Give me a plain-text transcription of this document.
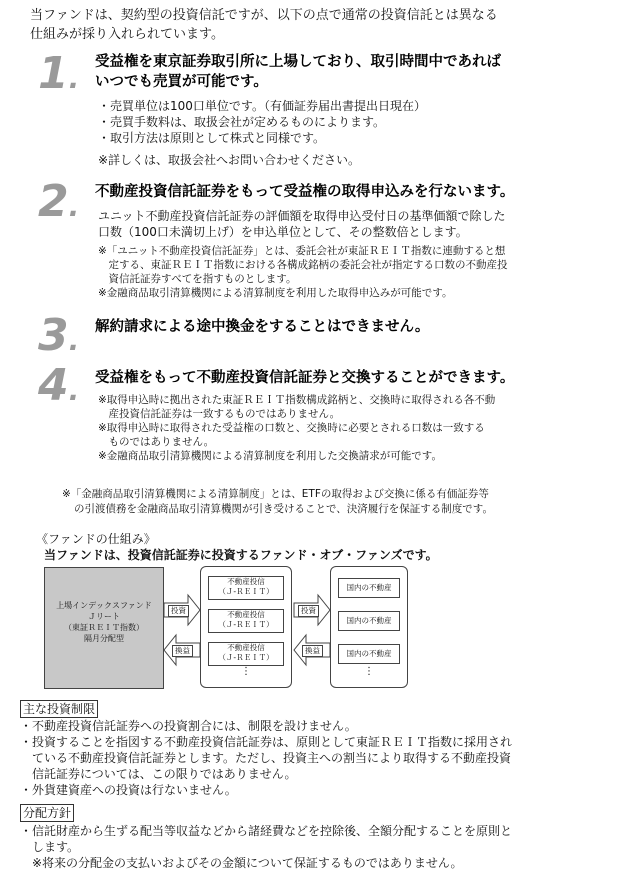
当ファンドは、契約型の投資信託ですが、以下の点で通常の投資信託とは異なる
仕組みが採り入れられています。
1. 受益権を東京証券取引所に上場しており、取引時間中であれば
いつでも売買が可能です。
・売買単位は100口単位です。（有価証券届出書提出日現在）
・売買手数料は、取扱会社が定めるものによります。
・取引方法は原則として株式と同様です。
※詳しくは、取扱会社へお問い合わせください。
2. 不動産投資信託証券をもって受益権の取得申込みを行ないます。
ユニット不動産投資信託証券の評価額を取得申込受付日の基準価額で除した
口数（100口未満切上げ）を申込単位として、その整数倍とします。
※「ユニット不動産投資信託証券」とは、委託会社が東証ＲＥＩＴ指数に連動すると想
　定する、東証ＲＥＩＴ指数における各構成銘柄の委託会社が指定する口数の不動産投
　資信託証券すべてを指すものとします。
※金融商品取引清算機関による清算制度を利用した取得申込みが可能です。
3. 解約請求による途中換金をすることはできません。
4. 受益権をもって不動産投資信託証券と交換することができます。
※取得申込時に拠出された東証ＲＥＩＴ指数構成銘柄と、交換時に取得される各不動
　産投資信託証券は一致するものではありません。
※取得申込時に取得された受益権の口数と、交換時に必要とされる口数は一致する
　ものではありません。
※金融商品取引清算機関による清算制度を利用した交換請求が可能です。
※「金融商品取引清算機関による清算制度」とは、ETFの取得および交換に係る有価証券等
の引渡債務を金融商品取引清算機関が引き受けることで、決済履行を保証する制度です。
《ファンドの仕組み》
当ファンドは、投資信託証券に投資するファンド・オブ・ファンズです。
上場インデックスファンド
Ｊリート
（東証ＲＥＩＴ指数）
隔月分配型
投資
換益
不動産投信
（Ｊ-ＲＥＩＴ）
不動産投信
（Ｊ-ＲＥＩＴ）
不動産投信
（Ｊ-ＲＥＩＴ）
⋮
投資
換益
国内の不動産
国内の不動産
国内の不動産
⋮
主な投資制限
・不動産投資信託証券への投資割合には、制限を設けません。
・投資することを指図する不動産投資信託証券は、原則として東証ＲＥＩＴ指数に採用され
　ている不動産投資信託証券とします。ただし、投資主への割当により取得する不動産投資
　信託証券については、この限りではありません。
・外貨建資産への投資は行ないません。
分配方針
・信託財産から生ずる配当等収益などから諸経費などを控除後、全額分配することを原則と
　します。
　※将来の分配金の支払いおよびその金額について保証するものではありません。
